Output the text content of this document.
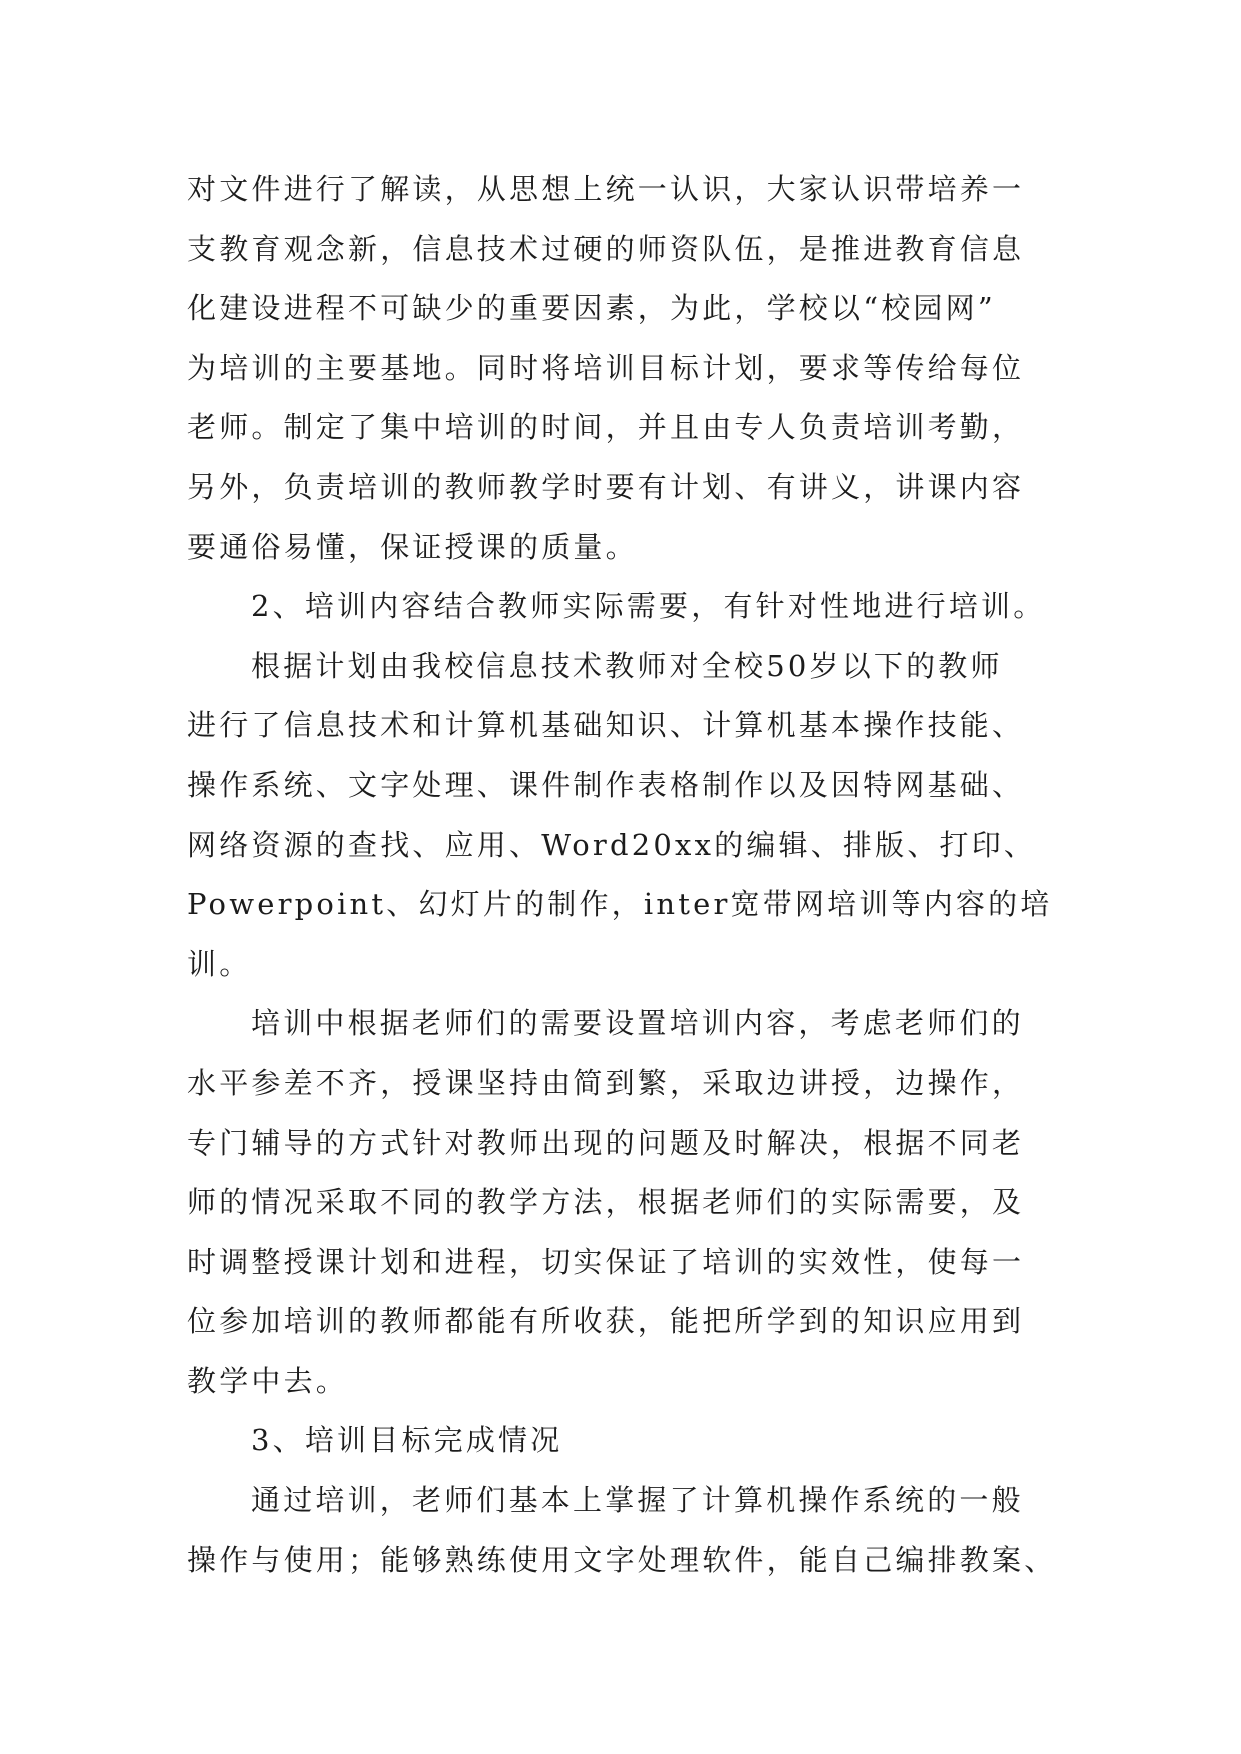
对文件进行了解读，从思想上统一认识，大家认识带培养一
支教育观念新，信息技术过硬的师资队伍，是推进教育信息
化建设进程不可缺少的重要因素，为此，学校以“校园网”
为培训的主要基地。同时将培训目标计划，要求等传给每位
老师。制定了集中培训的时间，并且由专人负责培训考勤，
另外，负责培训的教师教学时要有计划、有讲义，讲课内容
要通俗易懂，保证授课的质量。
2、培训内容结合教师实际需要，有针对性地进行培训。
根据计划由我校信息技术教师对全校50岁以下的教师
进行了信息技术和计算机基础知识、计算机基本操作技能、
操作系统、文字处理、课件制作表格制作以及因特网基础、
网络资源的查找、应用、Word20xx的编辑、排版、打印、
Powerpoint、幻灯片的制作，inter宽带网培训等内容的培
训。
培训中根据老师们的需要设置培训内容，考虑老师们的
水平参差不齐，授课坚持由简到繁，采取边讲授，边操作，
专门辅导的方式针对教师出现的问题及时解决，根据不同老
师的情况采取不同的教学方法，根据老师们的实际需要，及
时调整授课计划和进程，切实保证了培训的实效性，使每一
位参加培训的教师都能有所收获，能把所学到的知识应用到
教学中去。
3、培训目标完成情况
通过培训，老师们基本上掌握了计算机操作系统的一般
操作与使用；能够熟练使用文字处理软件，能自己编排教案、
